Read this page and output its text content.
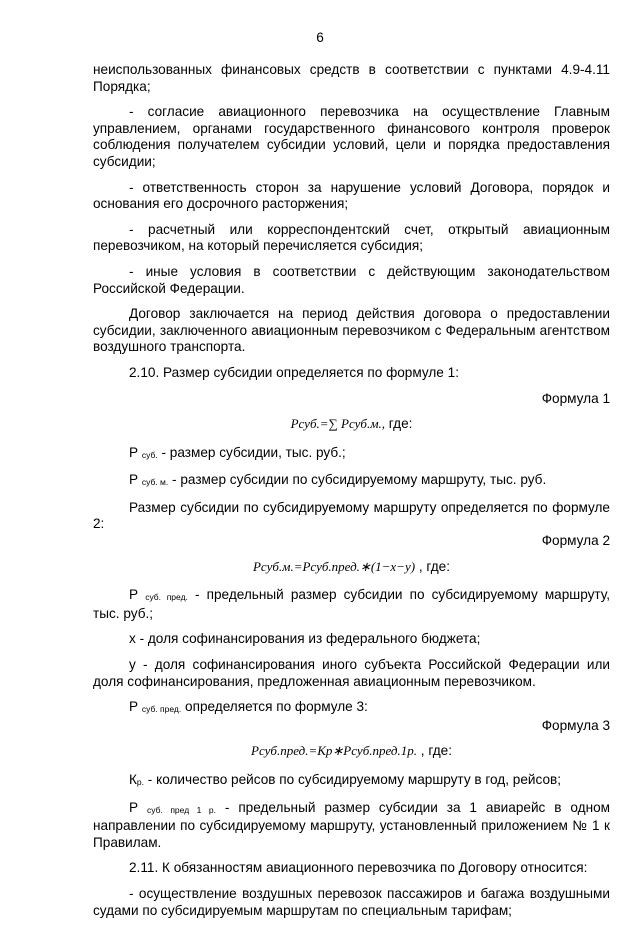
6

неиспользованных финансовых средств в соответствии с пунктами 4.9-4.11 Порядка;

- согласие авиационного перевозчика на осуществление Главным управлением, органами государственного финансового контроля проверок соблюдения получателем субсидии условий, цели и порядка предоставления субсидии;

- ответственность сторон за нарушение условий Договора, порядок и основания его досрочного расторжения;

- расчетный или корреспондентский счет, открытый авиационным перевозчиком, на который перечисляется субсидия;

- иные условия в соответствии с действующим законодательством Российской Федерации.

Договор заключается на период действия договора о предоставлении субсидии, заключенного авиационным перевозчиком с Федеральным агентством воздушного транспорта.

2.10. Размер субсидии определяется по формуле 1:

Формула 1

Pсуб.=∑ Pсуб.м., где:

Р суб. - размер субсидии, тыс. руб.;

Р суб. м. - размер субсидии по субсидируемому маршруту, тыс. руб.

Размер субсидии по субсидируемому маршруту определяется по формуле 2:

Формула 2

Pсуб.м.=Pсуб.пред.∗(1−x−y) , где:

Р суб. пред. - предельный размер субсидии по субсидируемому маршруту, тыс. руб.;

x - доля софинансирования из федерального бюджета;

y - доля софинансирования иного субъекта Российской Федерации или доля софинансирования, предложенная авиационным перевозчиком.

Р суб. пред. определяется по формуле 3:

Формула 3

Pсуб.пред.=Kр∗Pсуб.пред.1р. , где:

Кр. - количество рейсов по субсидируемому маршруту в год, рейсов;

Р суб. пред 1 р. - предельный размер субсидии за 1 авиарейс в одном направлении по субсидируемому маршруту, установленный приложением № 1 к Правилам.

2.11. К обязанностям авиационного перевозчика по Договору относится:

- осуществление воздушных перевозок пассажиров и багажа воздушными судами по субсидируемым маршрутам по специальным тарифам;
